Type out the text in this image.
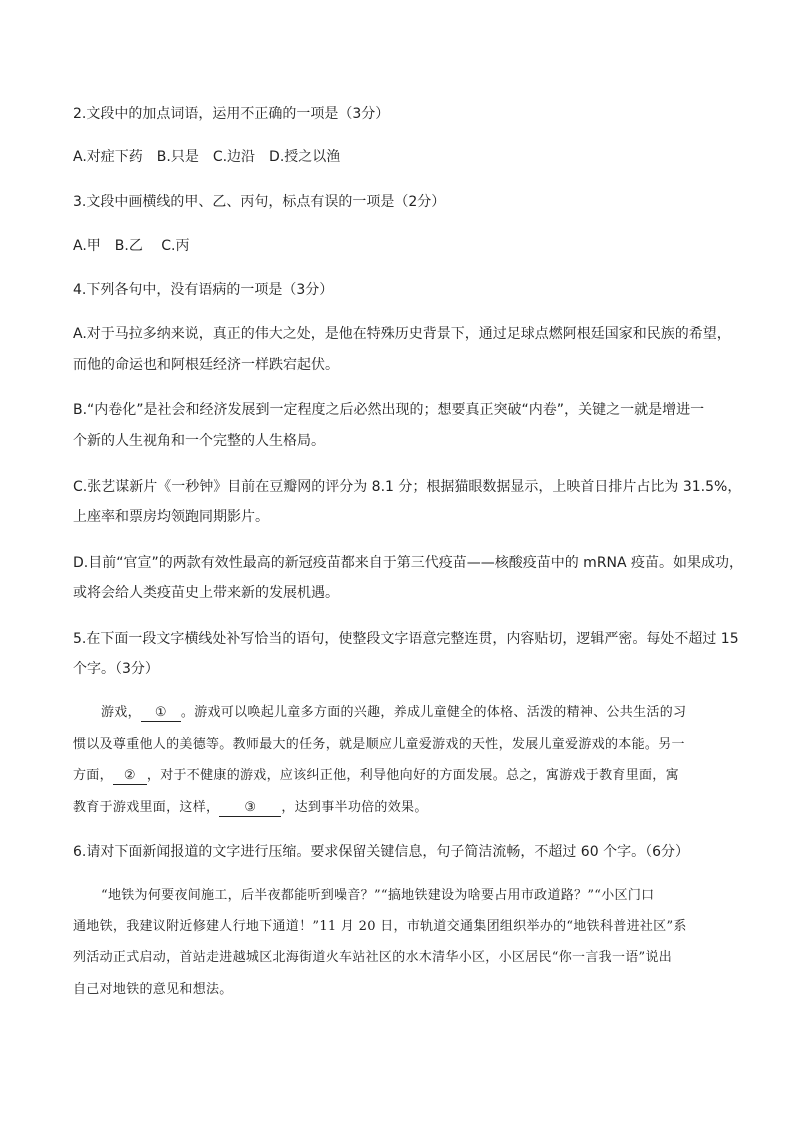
2.文段中的加点词语，运用不正确的一项是（3分）
A.对症下药　B.只是　C.边沿　D.授之以渔
3.文段中画横线的甲、乙、丙句，标点有误的一项是（2分）
A.甲　B.乙　 C.丙
4.下列各句中，没有语病的一项是（3分）
A.对于马拉多纳来说，真正的伟大之处，是他在特殊历史背景下，通过足球点燃阿根廷国家和民族的希望，
而他的命运也和阿根廷经济一样跌宕起伏。
B.“内卷化”是社会和经济发展到一定程度之后必然出现的；想要真正突破“内卷”，关键之一就是增进一
个新的人生视角和一个完整的人生格局。
C.张艺谋新片《一秒钟》目前在豆瓣网的评分为 8.1 分；根据猫眼数据显示，上映首日排片占比为 31.5%，
上座率和票房均领跑同期影片。
D.目前“官宣”的两款有效性最高的新冠疫苗都来自于第三代疫苗——核酸疫苗中的 mRNA 疫苗。如果成功，
或将会给人类疫苗史上带来新的发展机遇。
5.在下面一段文字横线处补写恰当的语句，使整段文字语意完整连贯，内容贴切，逻辑严密。每处不超过 15
个字。（3分）
游戏， ① 。游戏可以唤起儿童多方面的兴趣，养成儿童健全的体格、活泼的精神、公共生活的习
惯以及尊重他人的美德等。教师最大的任务，就是顺应儿童爱游戏的天性，发展儿童爱游戏的本能。另一
方面， ② ，对于不健康的游戏，应该纠正他，利导他向好的方面发展。总之，寓游戏于教育里面，寓
教育于游戏里面，这样， ③ ，达到事半功倍的效果。
6.请对下面新闻报道的文字进行压缩。要求保留关键信息，句子简洁流畅，不超过 60 个字。（6分）
“地铁为何要夜间施工，后半夜都能听到噪音？”“搞地铁建设为啥要占用市政道路？”“小区门口
通地铁，我建议附近修建人行地下通道！”11 月 20 日，市轨道交通集团组织举办的“地铁科普进社区”系
列活动正式启动，首站走进越城区北海街道火车站社区的水木清华小区，小区居民“你一言我一语”说出
自己对地铁的意见和想法。
